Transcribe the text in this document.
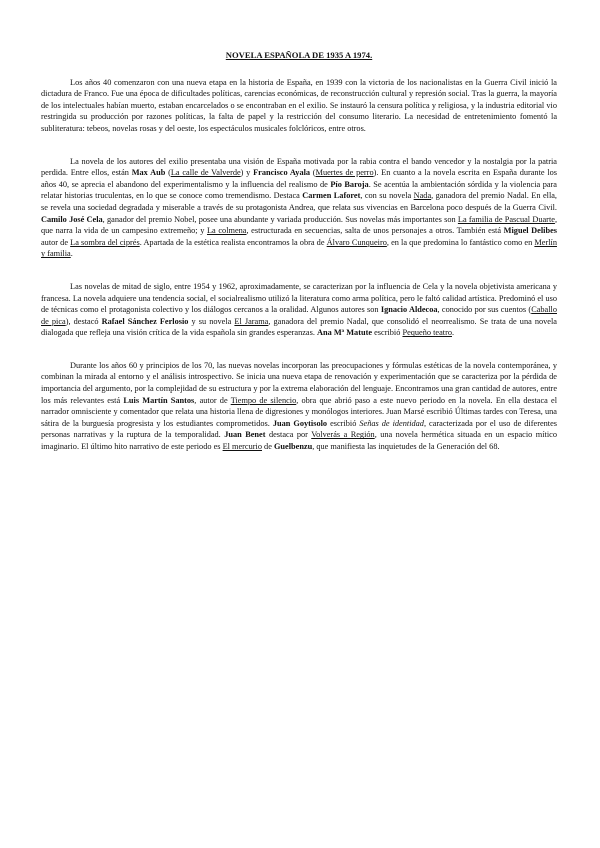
NOVELA ESPAÑOLA DE 1935 A 1974.

Los años 40 comenzaron con una nueva etapa en la historia de España, en 1939 con la victoria de los nacionalistas en la Guerra Civil inició la dictadura de Franco. Fue una época de dificultades políticas, carencias económicas, de reconstrucción cultural y represión social. Tras la guerra, la mayoría de los intelectuales habían muerto, estaban encarcelados o se encontraban en el exilio. Se instauró la censura política y religiosa, y la industria editorial vio restringida su producción por razones políticas, la falta de papel y la restricción del consumo literario. La necesidad de entretenimiento fomentó la subliteratura: tebeos, novelas rosas y del oeste, los espectáculos musicales folclóricos, entre otros.

La novela de los autores del exilio presentaba una visión de España motivada por la rabia contra el bando vencedor y la nostalgia por la patria perdida. Entre ellos, están Max Aub (La calle de Valverde) y Francisco Ayala (Muertes de perro). En cuanto a la novela escrita en España durante los años 40, se aprecia el abandono del experimentalismo y la influencia del realismo de Pío Baroja. Se acentúa la ambientación sórdida y la violencia para relatar historias truculentas, en lo que se conoce como tremendismo. Destaca Carmen Laforet, con su novela Nada, ganadora del premio Nadal. En ella, se revela una sociedad degradada y miserable a través de su protagonista Andrea, que relata sus vivencias en Barcelona poco después de la Guerra Civil. Camilo José Cela, ganador del premio Nobel, posee una abundante y variada producción. Sus novelas más importantes son La familia de Pascual Duarte, que narra la vida de un campesino extremeño; y La colmena, estructurada en secuencias, salta de unos personajes a otros. También está Miguel Delibes autor de La sombra del ciprés. Apartada de la estética realista encontramos la obra de Álvaro Cunqueiro, en la que predomina lo fantástico como en Merlín y familia.

Las novelas de mitad de siglo, entre 1954 y 1962, aproximadamente, se caracterizan por la influencia de Cela y la novela objetivista americana y francesa. La novela adquiere una tendencia social, el socialrealismo utilizó la literatura como arma política, pero le faltó calidad artística. Predominó el uso de técnicas como el protagonista colectivo y los diálogos cercanos a la oralidad. Algunos autores son Ignacio Aldecoa, conocido por sus cuentos (Caballo de pica), destacó Rafael Sánchez Ferlosio y su novela El Jarama, ganadora del premio Nadal, que consolidó el neorrealismo. Se trata de una novela dialogada que refleja una visión crítica de la vida española sin grandes esperanzas. Ana Mª Matute escribió Pequeño teatro.

Durante los años 60 y principios de los 70, las nuevas novelas incorporan las preocupaciones y fórmulas estéticas de la novela contemporánea, y combinan la mirada al entorno y el análisis introspectivo. Se inicia una nueva etapa de renovación y experimentación que se caracteriza por la pérdida de importancia del argumento, por la complejidad de su estructura y por la extrema elaboración del lenguaje. Encontramos una gran cantidad de autores, entre los más relevantes está Luis Martín Santos, autor de Tiempo de silencio, obra que abrió paso a este nuevo periodo en la novela. En ella destaca el narrador omnisciente y comentador que relata una historia llena de digresiones y monólogos interiores. Juan Marsé escribió Últimas tardes con Teresa, una sátira de la burguesía progresista y los estudiantes comprometidos. Juan Goytisolo escribió Señas de identidad, caracterizada por el uso de diferentes personas narrativas y la ruptura de la temporalidad. Juan Benet destaca por Volverás a Región, una novela hermética situada en un espacio mítico imaginario. El último hito narrativo de este periodo es El mercurio de Guelbenzu, que manifiesta las inquietudes de la Generación del 68.
